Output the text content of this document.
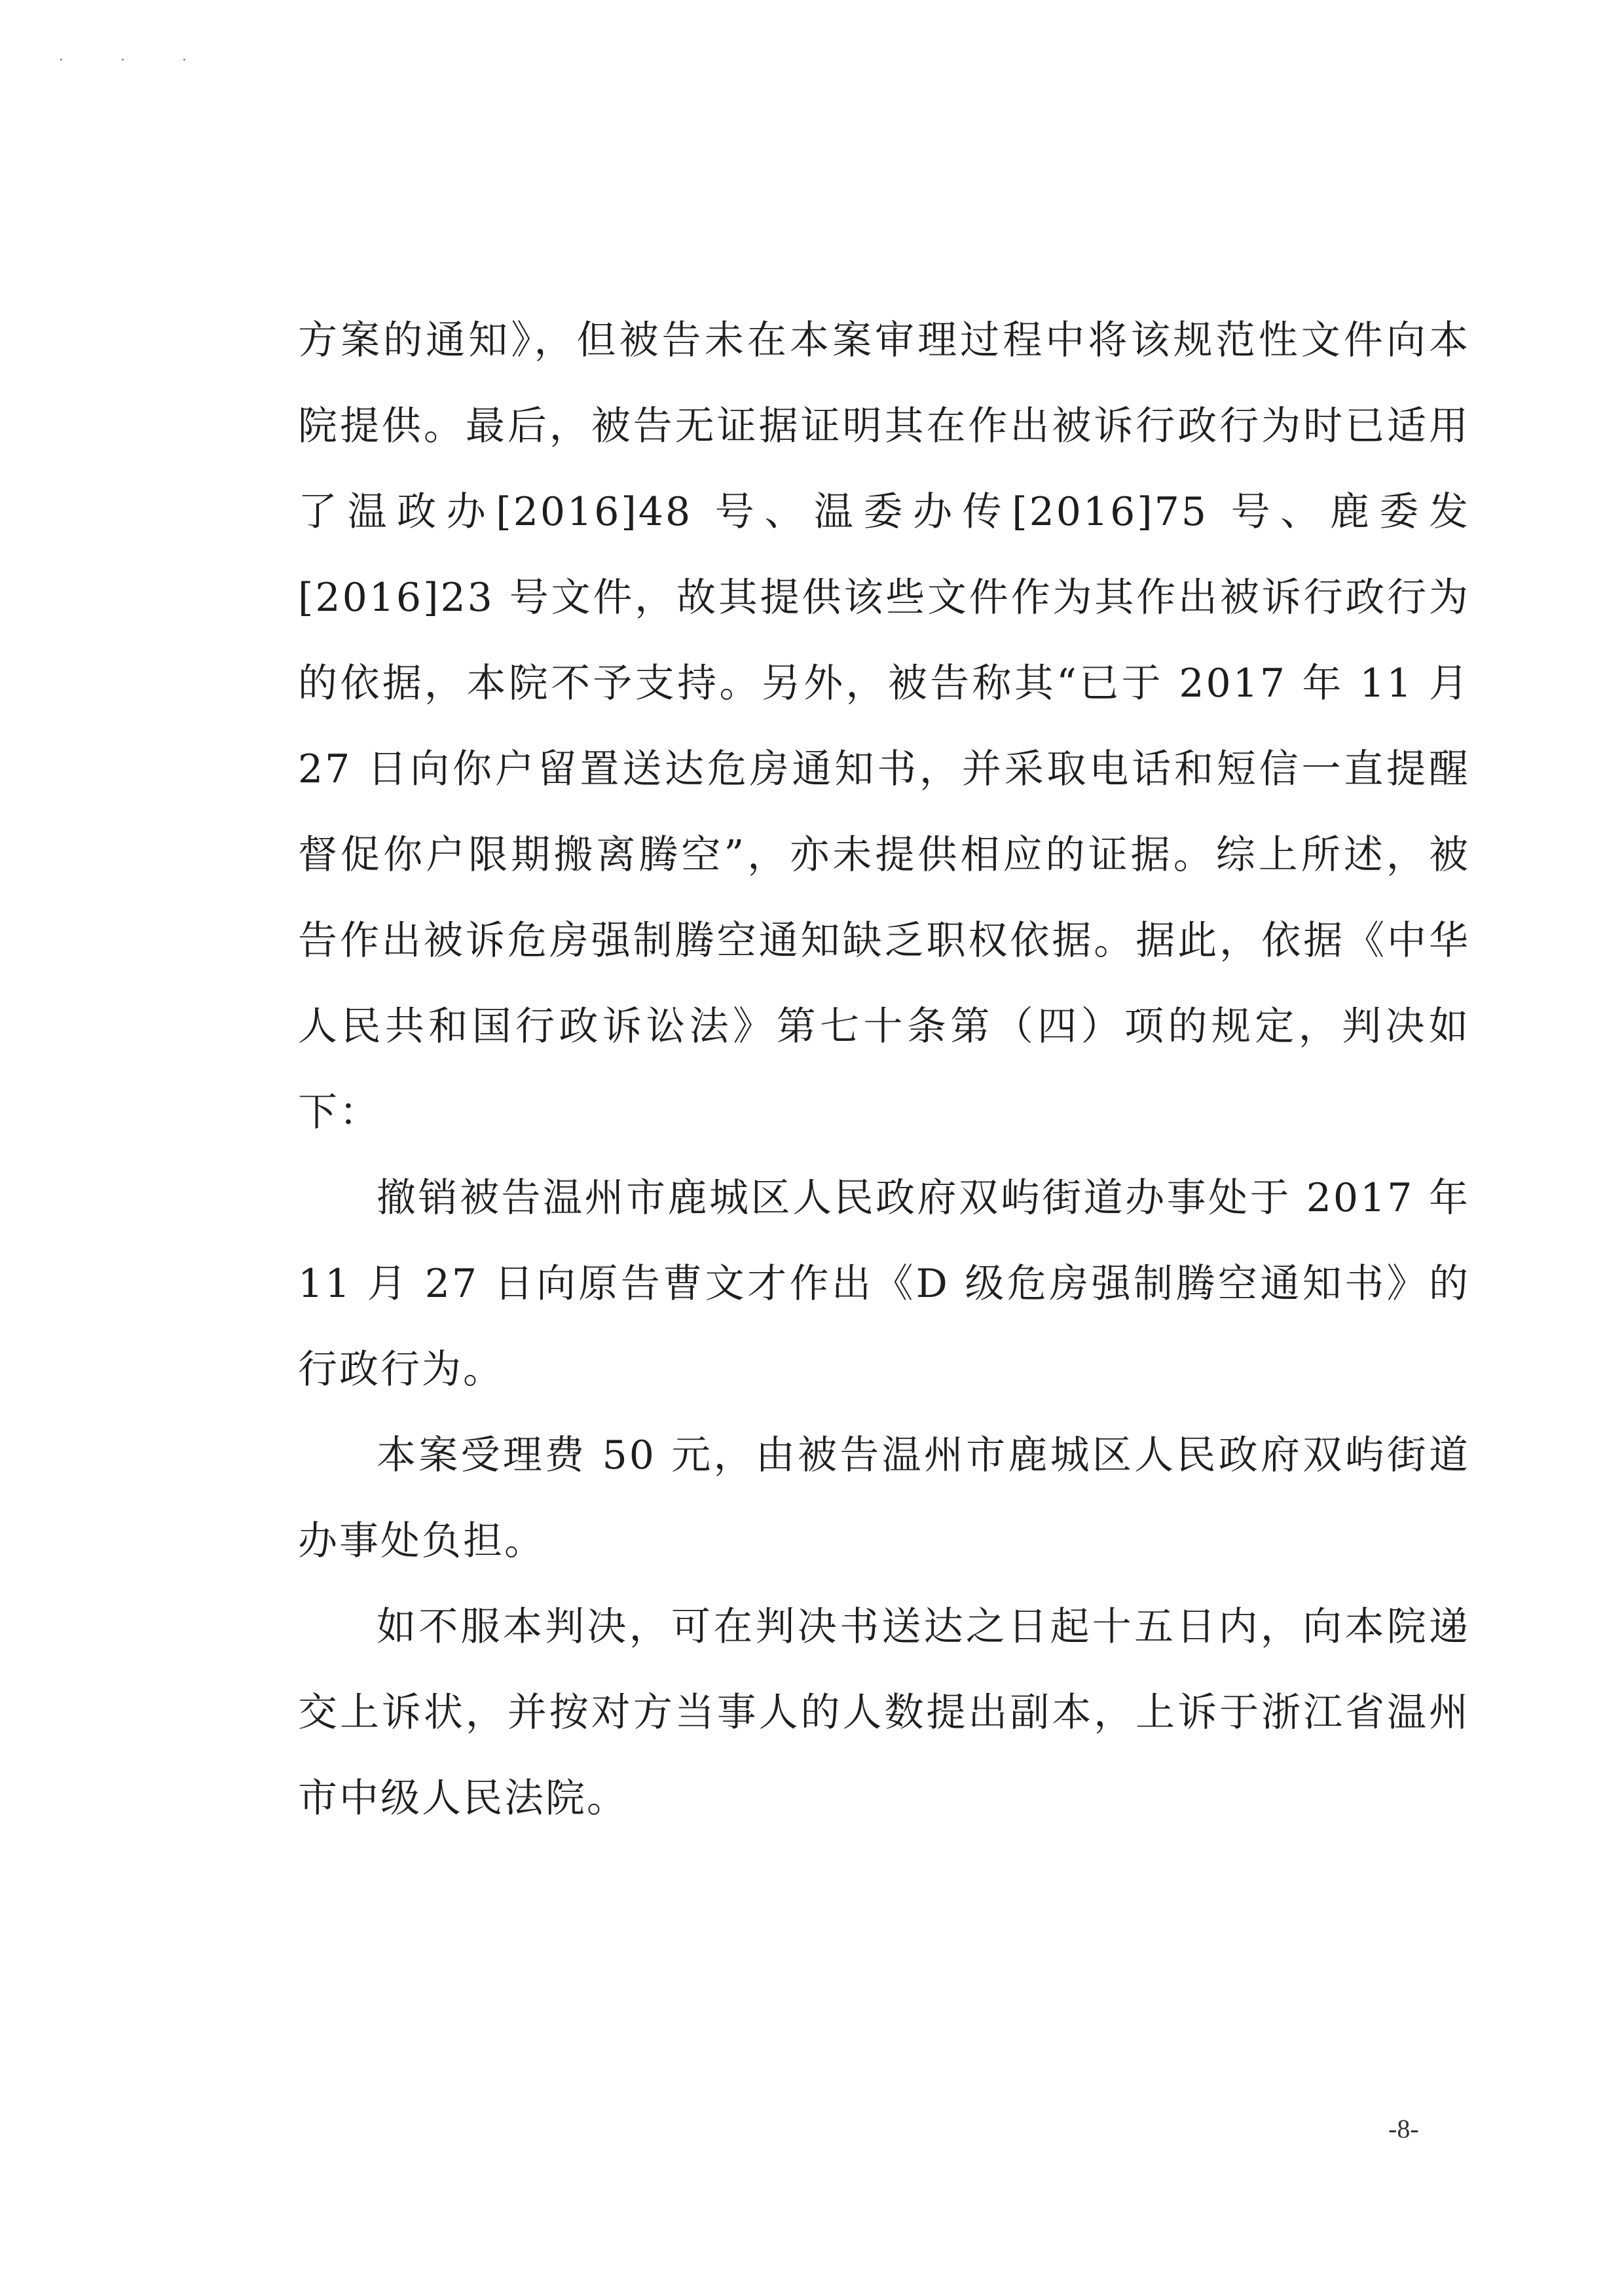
· · ·

方案的通知》，但被告未在本案审理过程中将该规范性文件向本院提供。最后，被告无证据证明其在作出被诉行政行为时已适用了温政办[2016]48 号、温委办传[2016]75 号、鹿委发[2016]23 号文件，故其提供该些文件作为其作出被诉行政行为的依据，本院不予支持。另外，被告称其“已于 2017 年 11 月 27 日向你户留置送达危房通知书，并采取电话和短信一直提醒督促你户限期搬离腾空”，亦未提供相应的证据。综上所述，被告作出被诉危房强制腾空通知缺乏职权依据。据此，依据《中华人民共和国行政诉讼法》第七十条第（四）项的规定，判决如下：

撤销被告温州市鹿城区人民政府双屿街道办事处于 2017 年 11 月 27 日向原告曹文才作出《D 级危房强制腾空通知书》的行政行为。

本案受理费 50 元，由被告温州市鹿城区人民政府双屿街道办事处负担。

如不服本判决，可在判决书送达之日起十五日内，向本院递交上诉状，并按对方当事人的人数提出副本，上诉于浙江省温州市中级人民法院。

-8-
